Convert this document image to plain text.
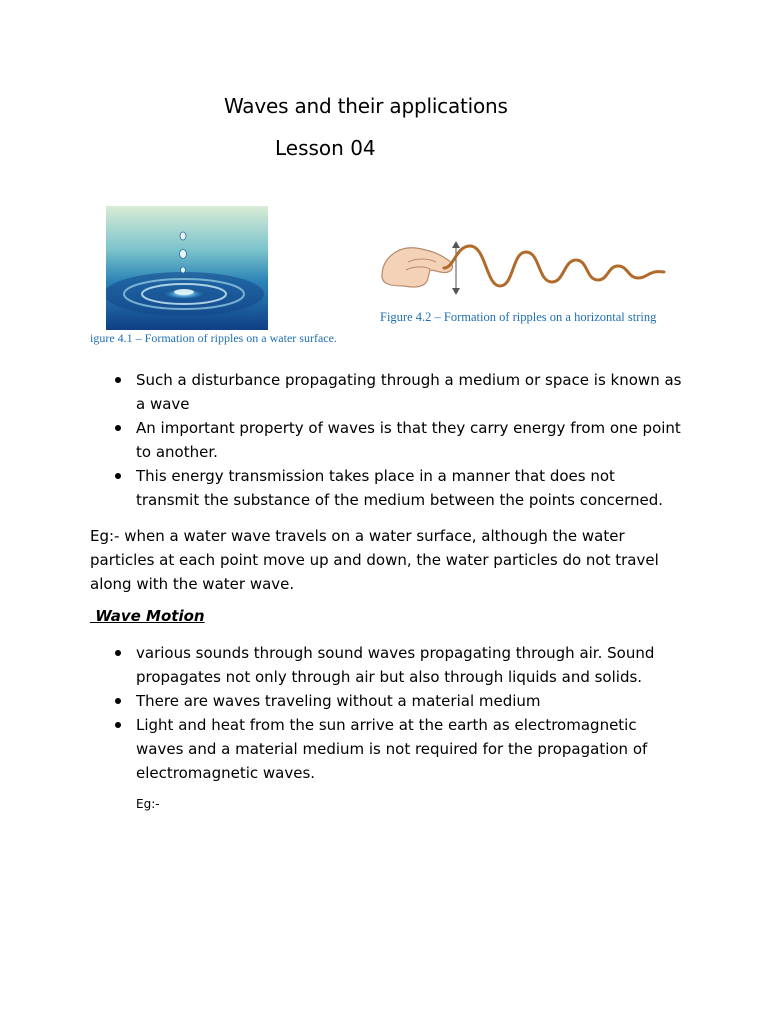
Waves and their applications
Lesson 04
igure 4.1 – Formation of ripples on a water surface.
Figure 4.2 – Formation of ripples on a horizontal string
Such a disturbance propagating through a medium or space is known as a wave
An important property of waves is that they carry energy from one point to another.
This energy transmission takes place in a manner that does not transmit the substance of the medium between the points concerned.
Eg:- when a water wave travels on a water surface, although the water particles at each point move up and down, the water particles do not travel along with the water wave.
Wave Motion
various sounds through sound waves propagating through air. Sound propagates not only through air but also through liquids and solids.
There are waves traveling without a material medium
Light and heat from the sun arrive at the earth as electromagnetic waves and a material medium is not required for the propagation of electromagnetic waves.
Eg:-
